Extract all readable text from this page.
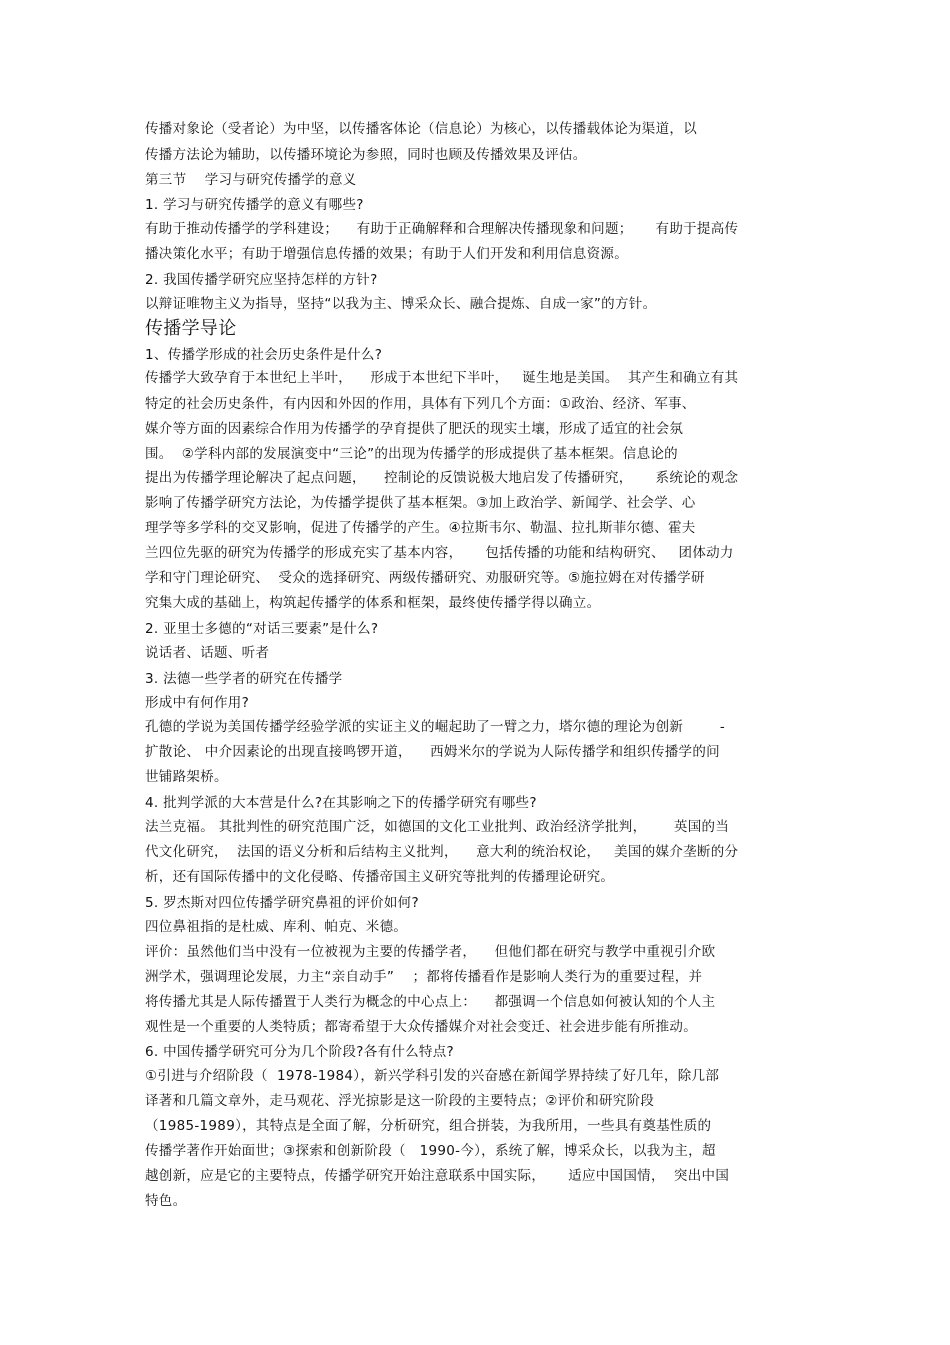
传播对象论（受者论）为中坚，以传播客体论（信息论）为核心，以传播载体论为渠道，以
传播方法论为辅助，以传播环境论为参照，同时也顾及传播效果及评估。
第三节    学习与研究传播学的意义
1. 学习与研究传播学的意义有哪些?
有助于推动传播学的学科建设；    有助于正确解释和合理解决传播现象和问题；     有助于提高传
播决策化水平；有助于增强信息传播的效果；有助于人们开发和利用信息资源。
2. 我国传播学研究应坚持怎样的方针?
以辩证唯物主义为指导，坚持“以我为主、博采众长、融合提炼、自成一家”的方针。
传播学导论
1、传播学形成的社会历史条件是什么?
传播学大致孕育于本世纪上半叶，    形成于本世纪下半叶，   诞生地是美国。  其产生和确立有其
特定的社会历史条件，有内因和外因的作用，具体有下列几个方面：①政治、经济、军事、
媒介等方面的因素综合作用为传播学的孕育提供了肥沃的现实土壤，形成了适宜的社会氛
围。  ②学科内部的发展演变中“三论”的出现为传播学的形成提供了基本框架。信息论的
提出为传播学理论解决了起点问题，    控制论的反馈说极大地启发了传播研究，     系统论的观念
影响了传播学研究方法论，为传播学提供了基本框架。③加上政治学、新闻学、社会学、心
理学等多学科的交叉影响，促进了传播学的产生。④拉斯韦尔、勒温、拉扎斯菲尔德、霍夫
兰四位先驱的研究为传播学的形成充实了基本内容，     包括传播的功能和结构研究、   团体动力
学和守门理论研究、  受众的选择研究、两级传播研究、劝服研究等。⑤施拉姆在对传播学研
究集大成的基础上，构筑起传播学的体系和框架，最终使传播学得以确立。
2. 亚里士多德的“对话三要素”是什么?
说话者、话题、听者
3. 法德一些学者的研究在传播学
形成中有何作用?
孔德的学说为美国传播学经验学派的实证主义的崛起助了一臂之力，塔尔德的理论为创新        -
扩散论、 中介因素论的出现直接鸣锣开道，    西姆米尔的学说为人际传播学和组织传播学的问
世铺路架桥。
4. 批判学派的大本营是什么?在其影响之下的传播学研究有哪些?
法兰克福。 其批判性的研究范围广泛，如德国的文化工业批判、政治经济学批判，      英国的当
代文化研究，  法国的语义分析和后结构主义批判，    意大利的统治权论，   美国的媒介垄断的分
析，还有国际传播中的文化侵略、传播帝国主义研究等批判的传播理论研究。
5. 罗杰斯对四位传播学研究鼻祖的评价如何?
四位鼻祖指的是杜威、库利、帕克、米德。
评价：虽然他们当中没有一位被视为主要的传播学者，    但他们都在研究与教学中重视引介欧
洲学术，强调理论发展，力主“亲自动手”    ；都将传播看作是影响人类行为的重要过程，并
将传播尤其是人际传播置于人类行为概念的中心点上：    都强调一个信息如何被认知的个人主
观性是一个重要的人类特质；都寄希望于大众传播媒介对社会变迁、社会进步能有所推动。
6. 中国传播学研究可分为几个阶段?各有什么特点?
①引进与介绍阶段（  1978-1984），新兴学科引发的兴奋感在新闻学界持续了好几年，除几部
译著和几篇文章外，走马观花、浮光掠影是这一阶段的主要特点；②评价和研究阶段
（1985-1989），其特点是全面了解，分析研究，组合拼装，为我所用，一些具有奠基性质的
传播学著作开始面世；③探索和创新阶段（   1990-今），系统了解，博采众长，以我为主，超
越创新，应是它的主要特点，传播学研究开始注意联系中国实际，     适应中国国情，  突出中国
特色。
